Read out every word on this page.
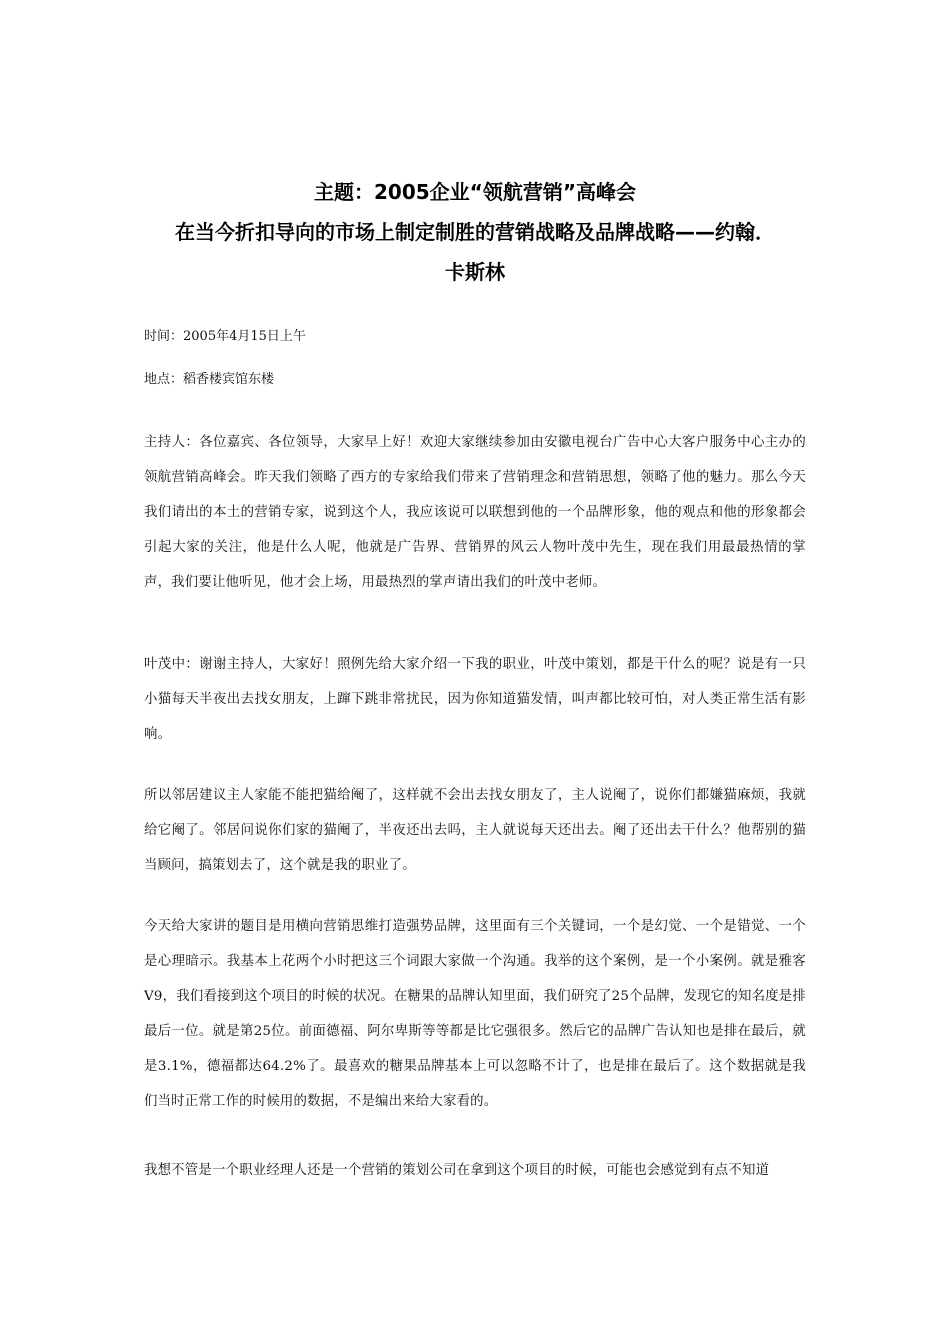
主题：2005企业“领航营销”高峰会
在当今折扣导向的市场上制定制胜的营销战略及品牌战略——约翰．
卡斯林
时间：2005年4月15日上午
地点：稻香楼宾馆东楼

主持人：各位嘉宾、各位领导，大家早上好！欢迎大家继续参加由安徽电视台广告中心大客户服务中心主办的领航营销高峰会。昨天我们领略了西方的专家给我们带来了营销理念和营销思想，领略了他的魅力。那么今天我们请出的本土的营销专家，说到这个人，我应该说可以联想到他的一个品牌形象，他的观点和他的形象都会引起大家的关注，他是什么人呢，他就是广告界、营销界的风云人物叶茂中先生，现在我们用最最热情的掌声，我们要让他听见，他才会上场，用最热烈的掌声请出我们的叶茂中老师。

叶茂中：谢谢主持人，大家好！照例先给大家介绍一下我的职业，叶茂中策划，都是干什么的呢？说是有一只小猫每天半夜出去找女朋友，上蹿下跳非常扰民，因为你知道猫发情，叫声都比较可怕，对人类正常生活有影响。

所以邻居建议主人家能不能把猫给阉了，这样就不会出去找女朋友了，主人说阉了，说你们都嫌猫麻烦，我就给它阉了。邻居问说你们家的猫阉了，半夜还出去吗，主人就说每天还出去。阉了还出去干什么？他帮别的猫当顾问，搞策划去了，这个就是我的职业了。

今天给大家讲的题目是用横向营销思维打造强势品牌，这里面有三个关键词，一个是幻觉、一个是错觉、一个是心理暗示。我基本上花两个小时把这三个词跟大家做一个沟通。我举的这个案例，是一个小案例。就是雅客V9，我们看接到这个项目的时候的状况。在糖果的品牌认知里面，我们研究了25个品牌，发现它的知名度是排最后一位。就是第25位。前面德福、阿尔卑斯等等都是比它强很多。然后它的品牌广告认知也是排在最后，就是3.1%，德福都达64.2%了。最喜欢的糖果品牌基本上可以忽略不计了，也是排在最后了。这个数据就是我们当时正常工作的时候用的数据，不是编出来给大家看的。

我想不管是一个职业经理人还是一个营销的策划公司在拿到这个项目的时候，可能也会感觉到有点不知道
